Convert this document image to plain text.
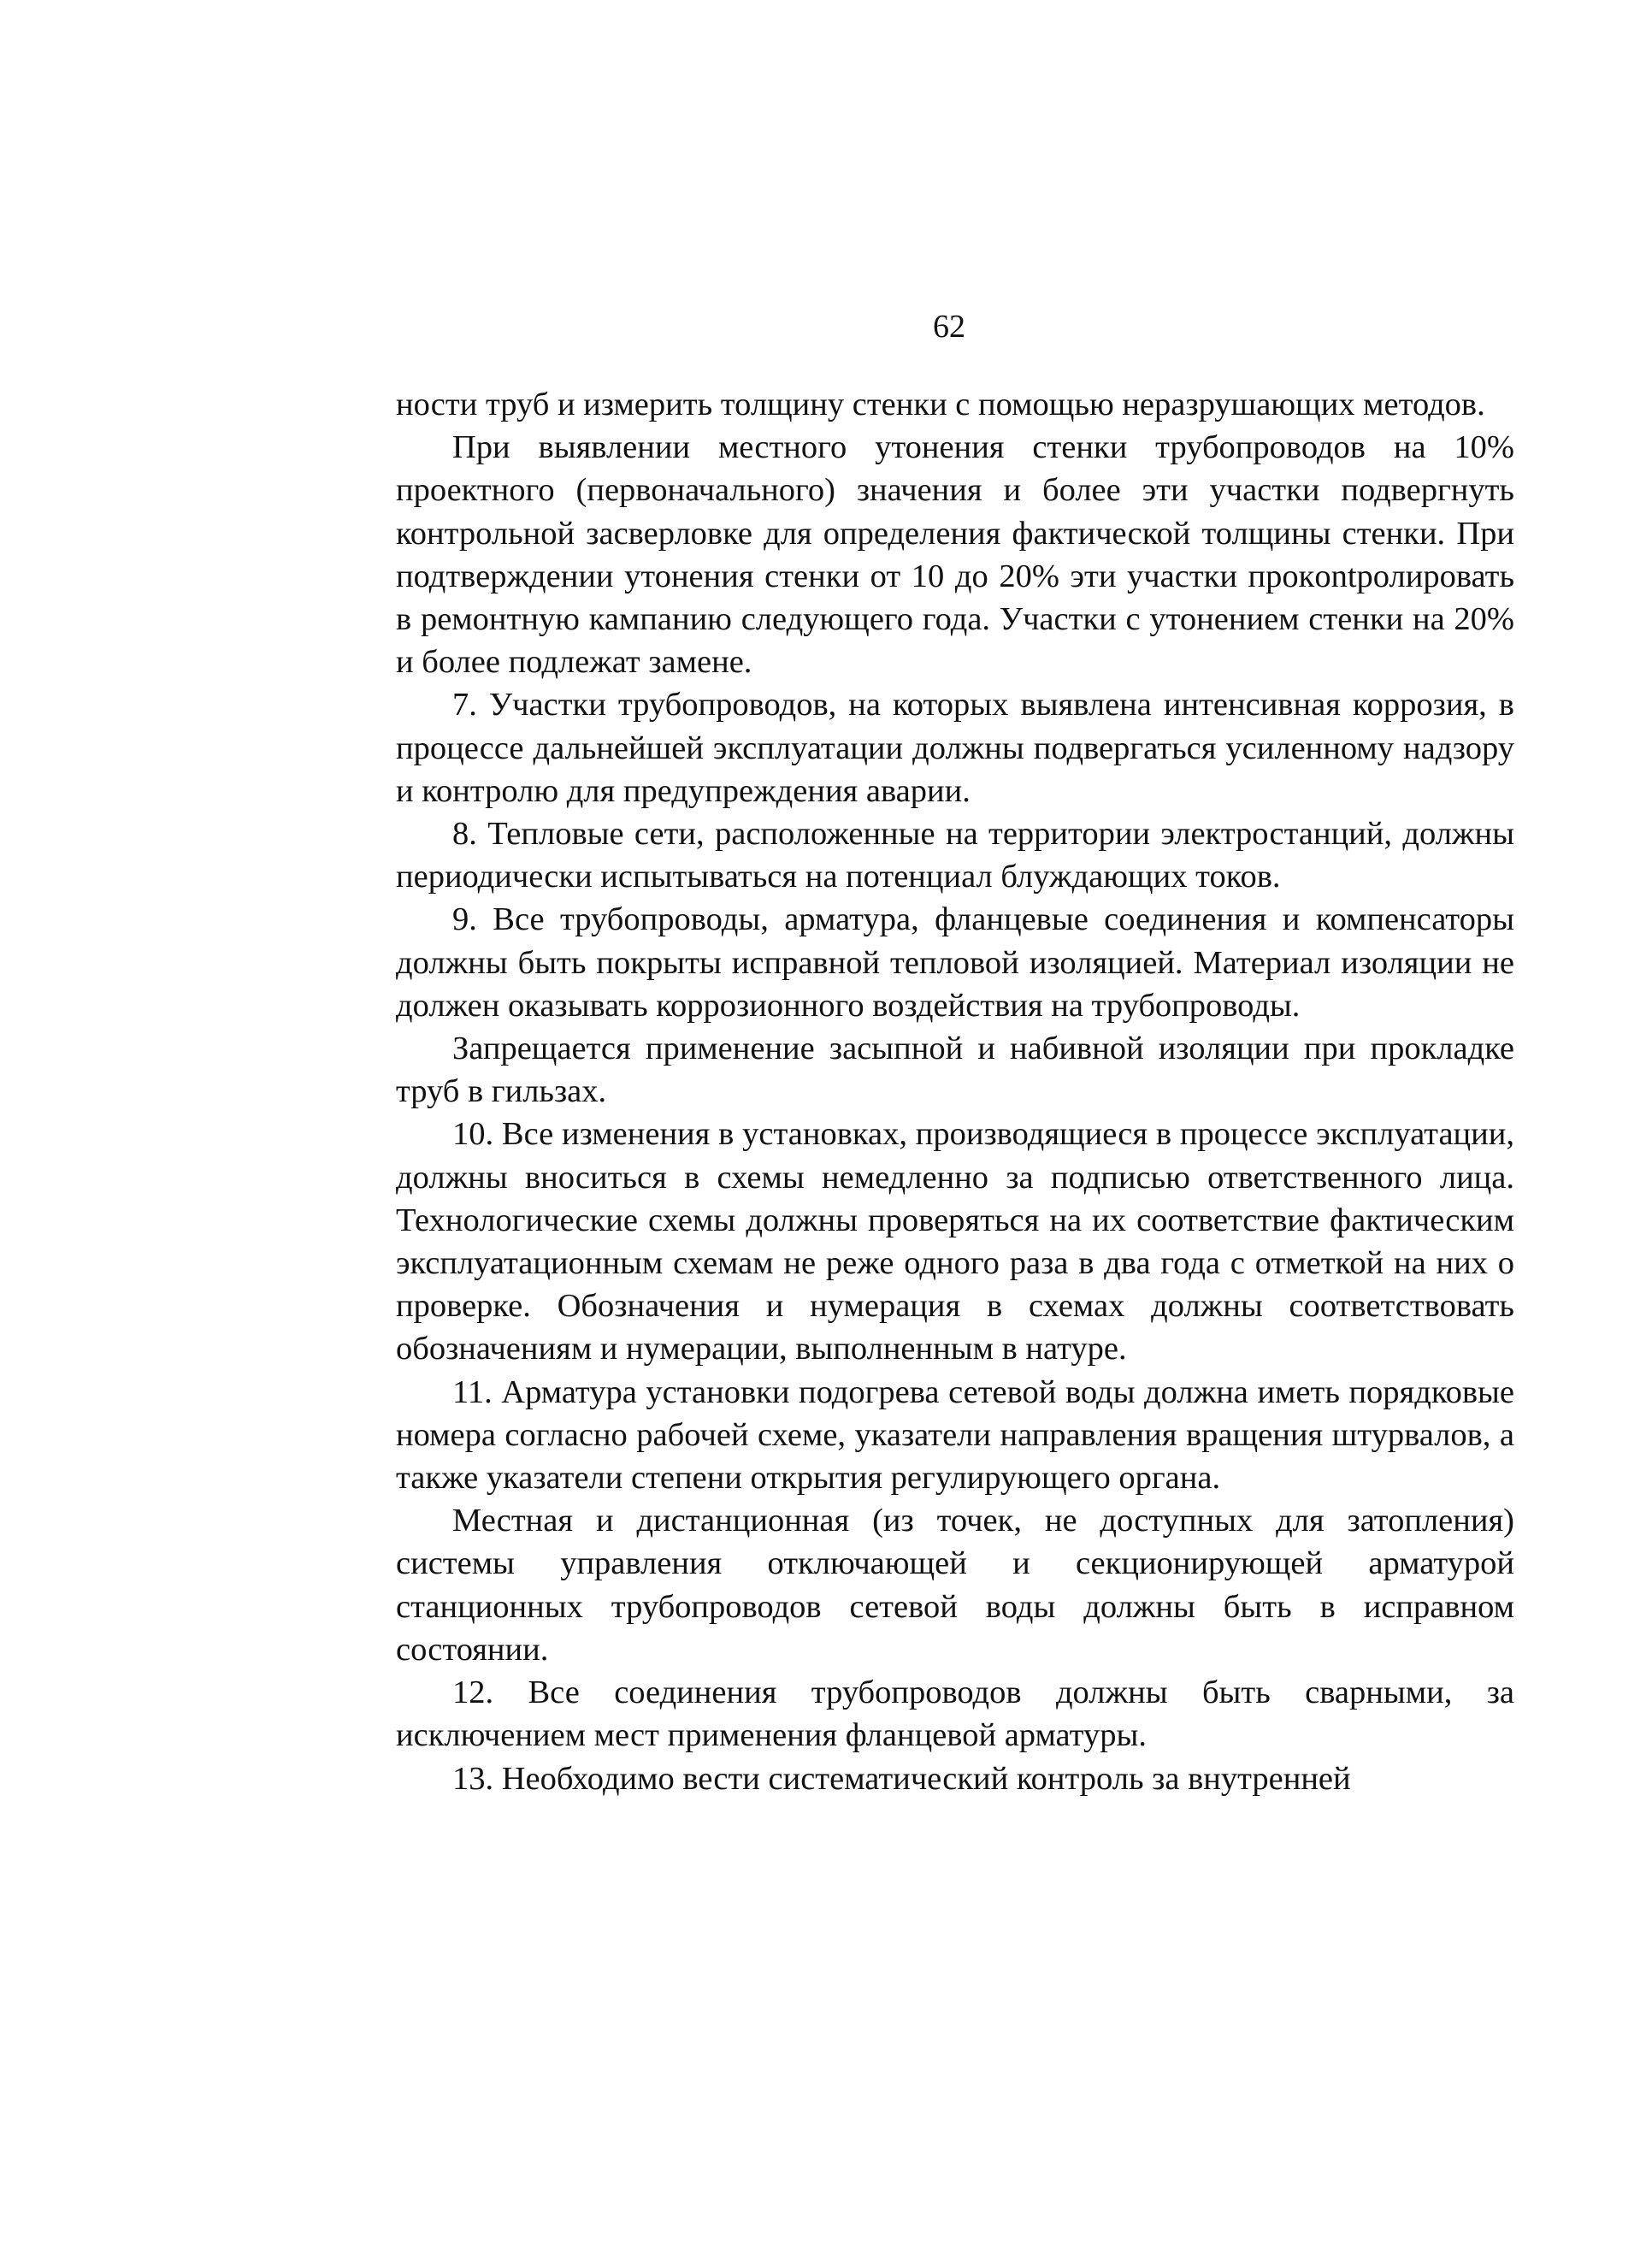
62

ности труб и измерить толщину стенки с помощью неразрушающих методов.

При выявлении местного утонения стенки трубопроводов на 10% проектного (первоначального) значения и более эти участки подвергнуть контрольной засверловке для определения фактической толщины стенки. При подтверждении утонения стенки от 10 до 20% эти участки прокontролировать в ремонтную кампанию следующего года. Участки с утонением стенки на 20% и более подлежат замене.

7. Участки трубопроводов, на которых выявлена интенсивная коррозия, в процессе дальнейшей эксплуатации должны подвергаться усиленному надзору и контролю для предупреждения аварии.

8. Тепловые сети, расположенные на территории электростанций, должны периодически испытываться на потенциал блуждающих токов.

9. Все трубопроводы, арматура, фланцевые соединения и компенсаторы должны быть покрыты исправной тепловой изоляцией. Материал изоляции не должен оказывать коррозионного воздействия на трубопроводы.

Запрещается применение засыпной и набивной изоляции при прокладке труб в гильзах.

10. Все изменения в установках, производящиеся в процессе эксплуатации, должны вноситься в схемы немедленно за подписью ответственного лица. Технологические схемы должны проверяться на их соответствие фактическим эксплуатационным схемам не реже одного раза в два года с отметкой на них о проверке. Обозначения и нумерация в схемах должны соответствовать обозначениям и нумерации, выполненным в натуре.

11. Арматура установки подогрева сетевой воды должна иметь порядковые номера согласно рабочей схеме, указатели направления вращения штурвалов, а также указатели степени открытия регулирующего органа.

Местная и дистанционная (из точек, не доступных для затопления) системы управления отключающей и секционирующей арматурой станционных трубопроводов сетевой воды должны быть в исправном состоянии.

12. Все соединения трубопроводов должны быть сварными, за исключением мест применения фланцевой арматуры.

13. Необходимо вести систематический контроль за внутренней
